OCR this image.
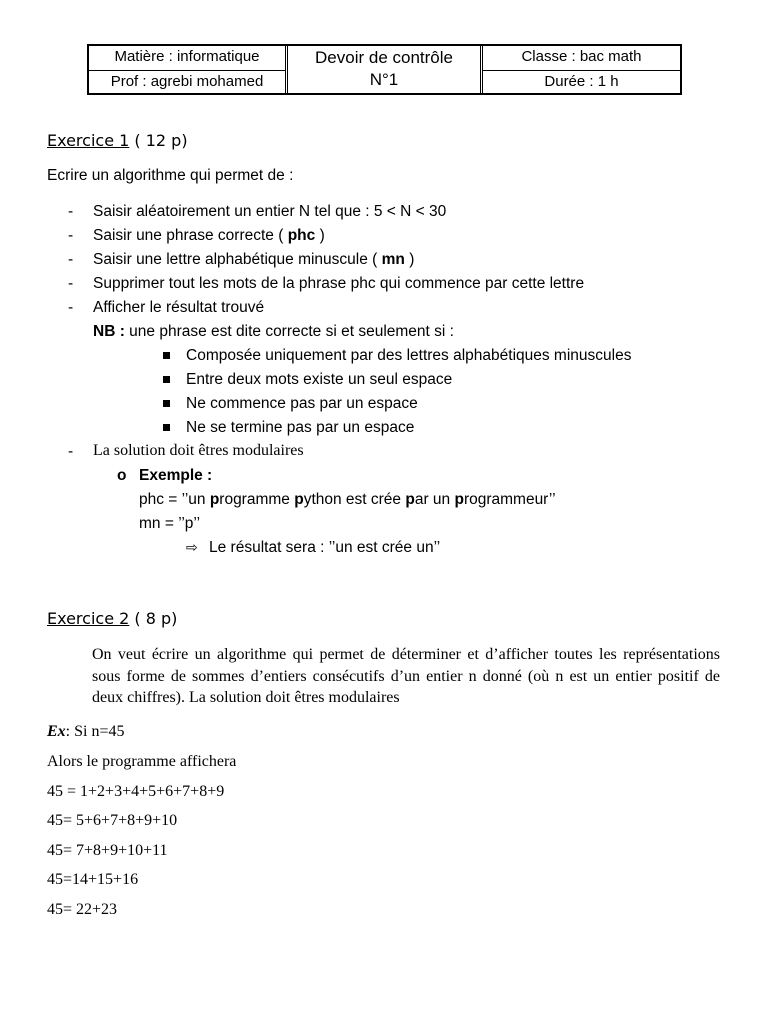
Matière : informatique
Prof : agrebi mohamed
Devoir de contrôle
N°1
Classe : bac math
Durée : 1 h
Exercice 1 ( 12 p)
Ecrire un algorithme qui permet de :
- Saisir aléatoirement un entier N tel que : 5 < N < 30
- Saisir une phrase correcte ( phc )
- Saisir une lettre alphabétique minuscule ( mn )
- Supprimer tout les mots de la phrase phc qui commence par cette lettre
- Afficher le résultat trouvé
NB : une phrase est dite correcte si et seulement si :
Composée uniquement par des lettres alphabétiques minuscules
Entre deux mots existe un seul espace
Ne commence pas par un espace
Ne se termine pas par un espace
- La solution doit êtres modulaires
o Exemple :
phc = ’’un programme python est crée par un programmeur’’
mn = ’’p’’
⇨ Le résultat sera : ’’un est crée un’’
Exercice 2 ( 8 p)
On veut écrire un algorithme qui permet de déterminer et d’afficher toutes les représentations sous forme de sommes d’entiers consécutifs d’un entier n donné (où n est un entier positif de deux chiffres). La solution doit êtres modulaires
Ex: Si n=45
Alors le programme affichera
45 = 1+2+3+4+5+6+7+8+9
45= 5+6+7+8+9+10
45= 7+8+9+10+11
45=14+15+16
45= 22+23
